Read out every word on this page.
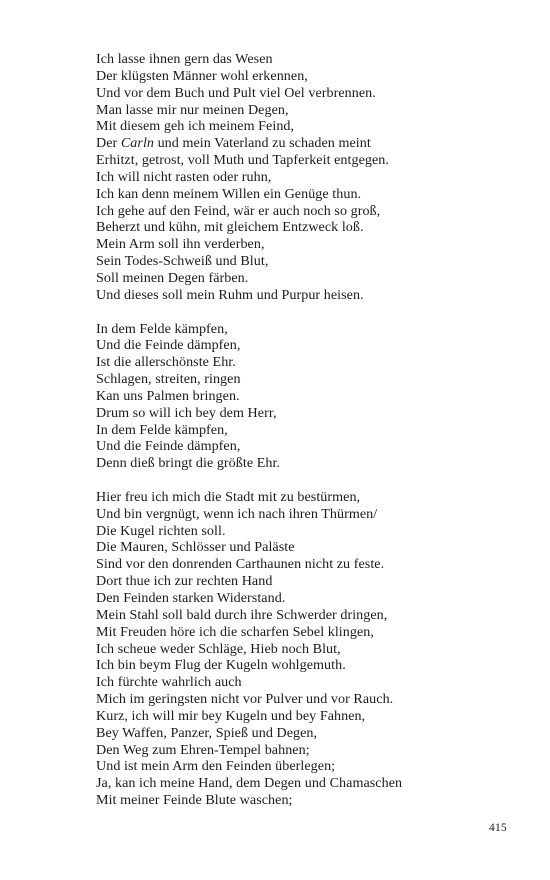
Ich lasse ihnen gern das Wesen
Der klügsten Männer wohl erkennen,
Und vor dem Buch und Pult viel Oel verbrennen.
Man lasse mir nur meinen Degen,
Mit diesem geh ich meinem Feind,
Der Carln und mein Vaterland zu schaden meint
Erhitzt, getrost, voll Muth und Tapferkeit entgegen.
Ich will nicht rasten oder ruhn,
Ich kan denn meinem Willen ein Genüge thun.
Ich gehe auf den Feind, wär er auch noch so groß,
Beherzt und kühn, mit gleichem Entzweck loß.
Mein Arm soll ihn verderben,
Sein Todes-Schweiß und Blut,
Soll meinen Degen färben.
Und dieses soll mein Ruhm und Purpur heisen.
In dem Felde kämpfen,
Und die Feinde dämpfen,
Ist die allerschönste Ehr.
Schlagen, streiten, ringen
Kan uns Palmen bringen.
Drum so will ich bey dem Herr,
In dem Felde kämpfen,
Und die Feinde dämpfen,
Denn dieß bringt die größte Ehr.
Hier freu ich mich die Stadt mit zu bestürmen,
Und bin vergnügt, wenn ich nach ihren Thürmen/
Die Kugel richten soll.
Die Mauren, Schlösser und Paläste
Sind vor den donrenden Carthaunen nicht zu feste.
Dort thue ich zur rechten Hand
Den Feinden starken Widerstand.
Mein Stahl soll bald durch ihre Schwerder dringen,
Mit Freuden höre ich die scharfen Sebel klingen,
Ich scheue weder Schläge, Hieb noch Blut,
Ich bin beym Flug der Kugeln wohlgemuth.
Ich fürchte wahrlich auch
Mich im geringsten nicht vor Pulver und vor Rauch.
Kurz, ich will mir bey Kugeln und bey Fahnen,
Bey Waffen, Panzer, Spieß und Degen,
Den Weg zum Ehren-Tempel bahnen;
Und ist mein Arm den Feinden überlegen;
Ja, kan ich meine Hand, dem Degen und Chamaschen
Mit meiner Feinde Blute waschen;
415
